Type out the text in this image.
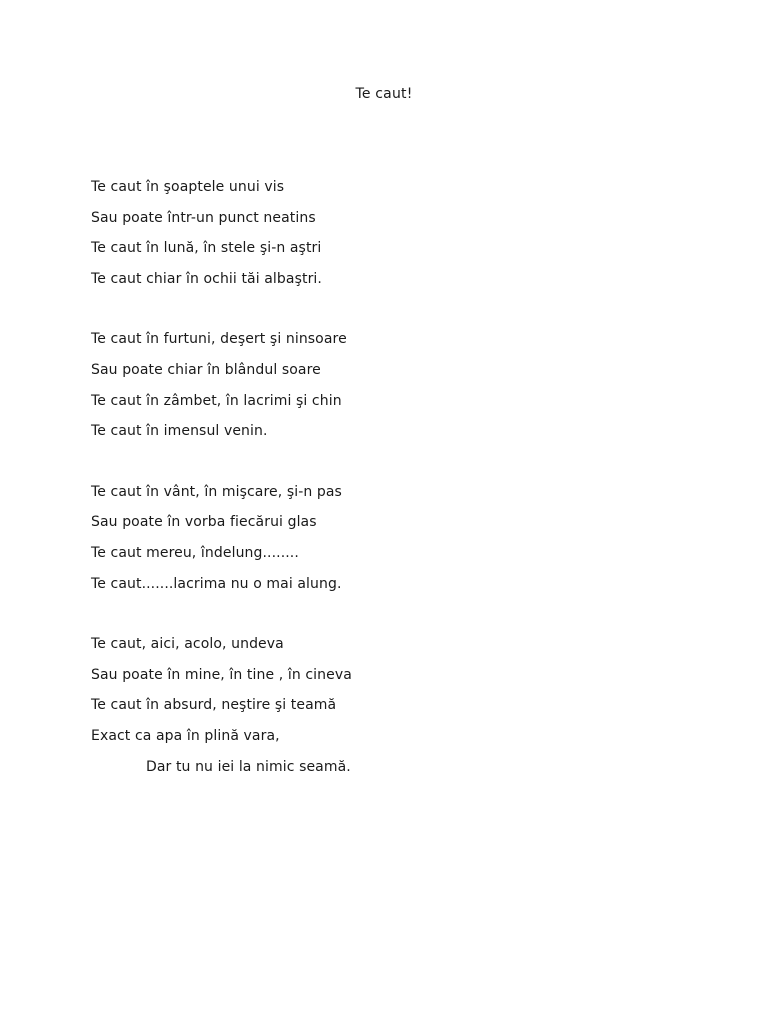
Te caut!
Te caut în şoaptele unui vis
Sau poate într-un punct neatins
Te caut în lună, în stele şi-n aştri
Te caut chiar în ochii tăi albaştri.
Te caut în furtuni, deşert şi ninsoare
Sau poate chiar în blândul soare
Te caut în zâmbet, în lacrimi şi chin
Te caut în imensul venin.
Te caut în vânt, în mişcare, şi-n pas
Sau poate în vorba fiecărui glas
Te caut mereu, îndelung........
Te caut.......lacrima nu o mai alung.
Te caut, aici, acolo, undeva
Sau poate în mine, în tine , în cineva
Te caut în absurd, neştire şi teamă
Exact ca apa în plină vara,
Dar tu nu iei la nimic seamă.
